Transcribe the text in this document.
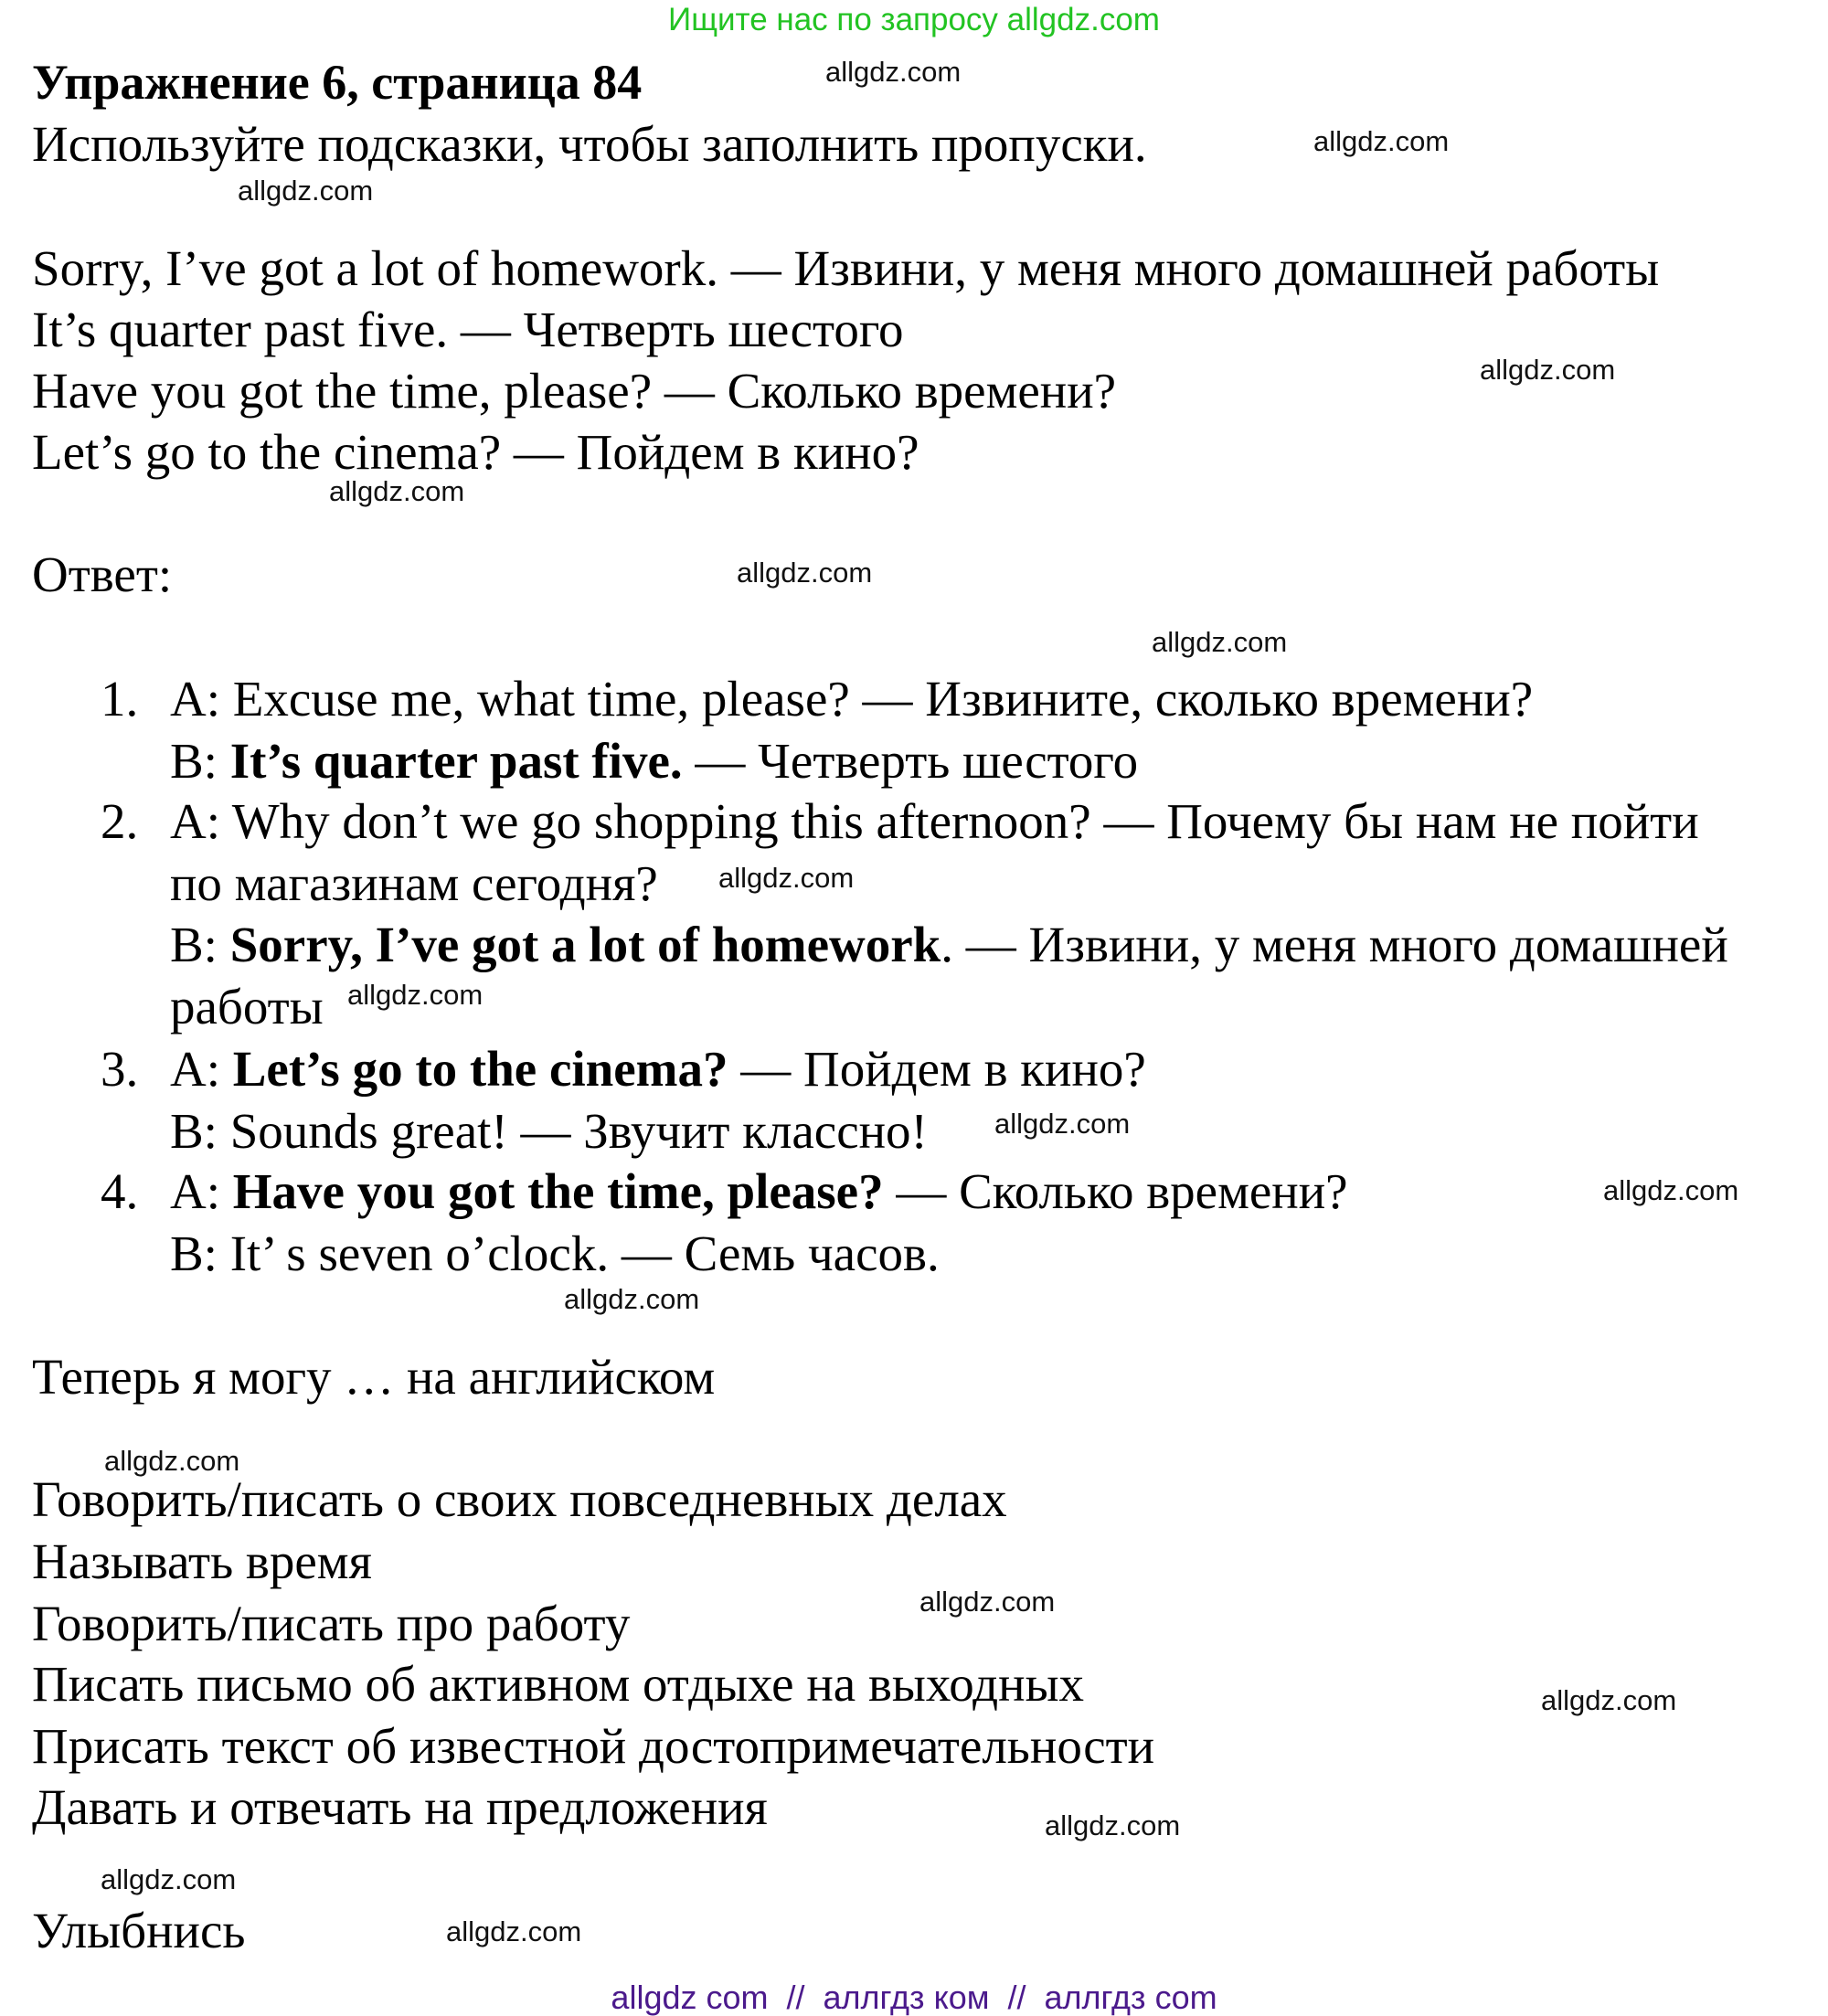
Ищите нас по запросу allgdz.com
Упражнение 6, страница 84
Используйте подсказки, чтобы заполнить пропуски.
Sorry, I’ve got a lot of homework. — Извини, у меня много домашней работы
It’s quarter past five. — Четверть шестого
Have you got the time, please? — Сколько времени?
Let’s go to the cinema? — Пойдем в кино?
Ответ:
1. A: Excuse me, what time, please? — Извините, сколько времени?
B: It’s quarter past five. — Четверть шестого
2. A: Why don’t we go shopping this afternoon? — Почему бы нам не пойти
по магазинам сегодня?
B: Sorry, I’ve got a lot of homework. — Извини, у меня много домашней
работы
3. A: Let’s go to the cinema? — Пойдем в кино?
B: Sounds great! — Звучит классно!
4. A: Have you got the time, please? — Сколько времени?
B: It’ s seven o’clock. — Семь часов.
Теперь я могу … на английском
Говорить/писать о своих повседневных делах
Называть время
Говорить/писать про работу
Писать письмо об активном отдыхе на выходных
Присать текст об известной достопримечательности
Давать и отвечать на предложения
Улыбнись
allgdz.com
allgdz.com
allgdz.com
allgdz.com
allgdz.com
allgdz.com
allgdz.com
allgdz.com
allgdz.com
allgdz.com
allgdz.com
allgdz.com
allgdz.com
allgdz.com
allgdz.com
allgdz.com
allgdz.com
allgdz.com
allgdz com  //  аллгдз ком  //  аллгдз com
